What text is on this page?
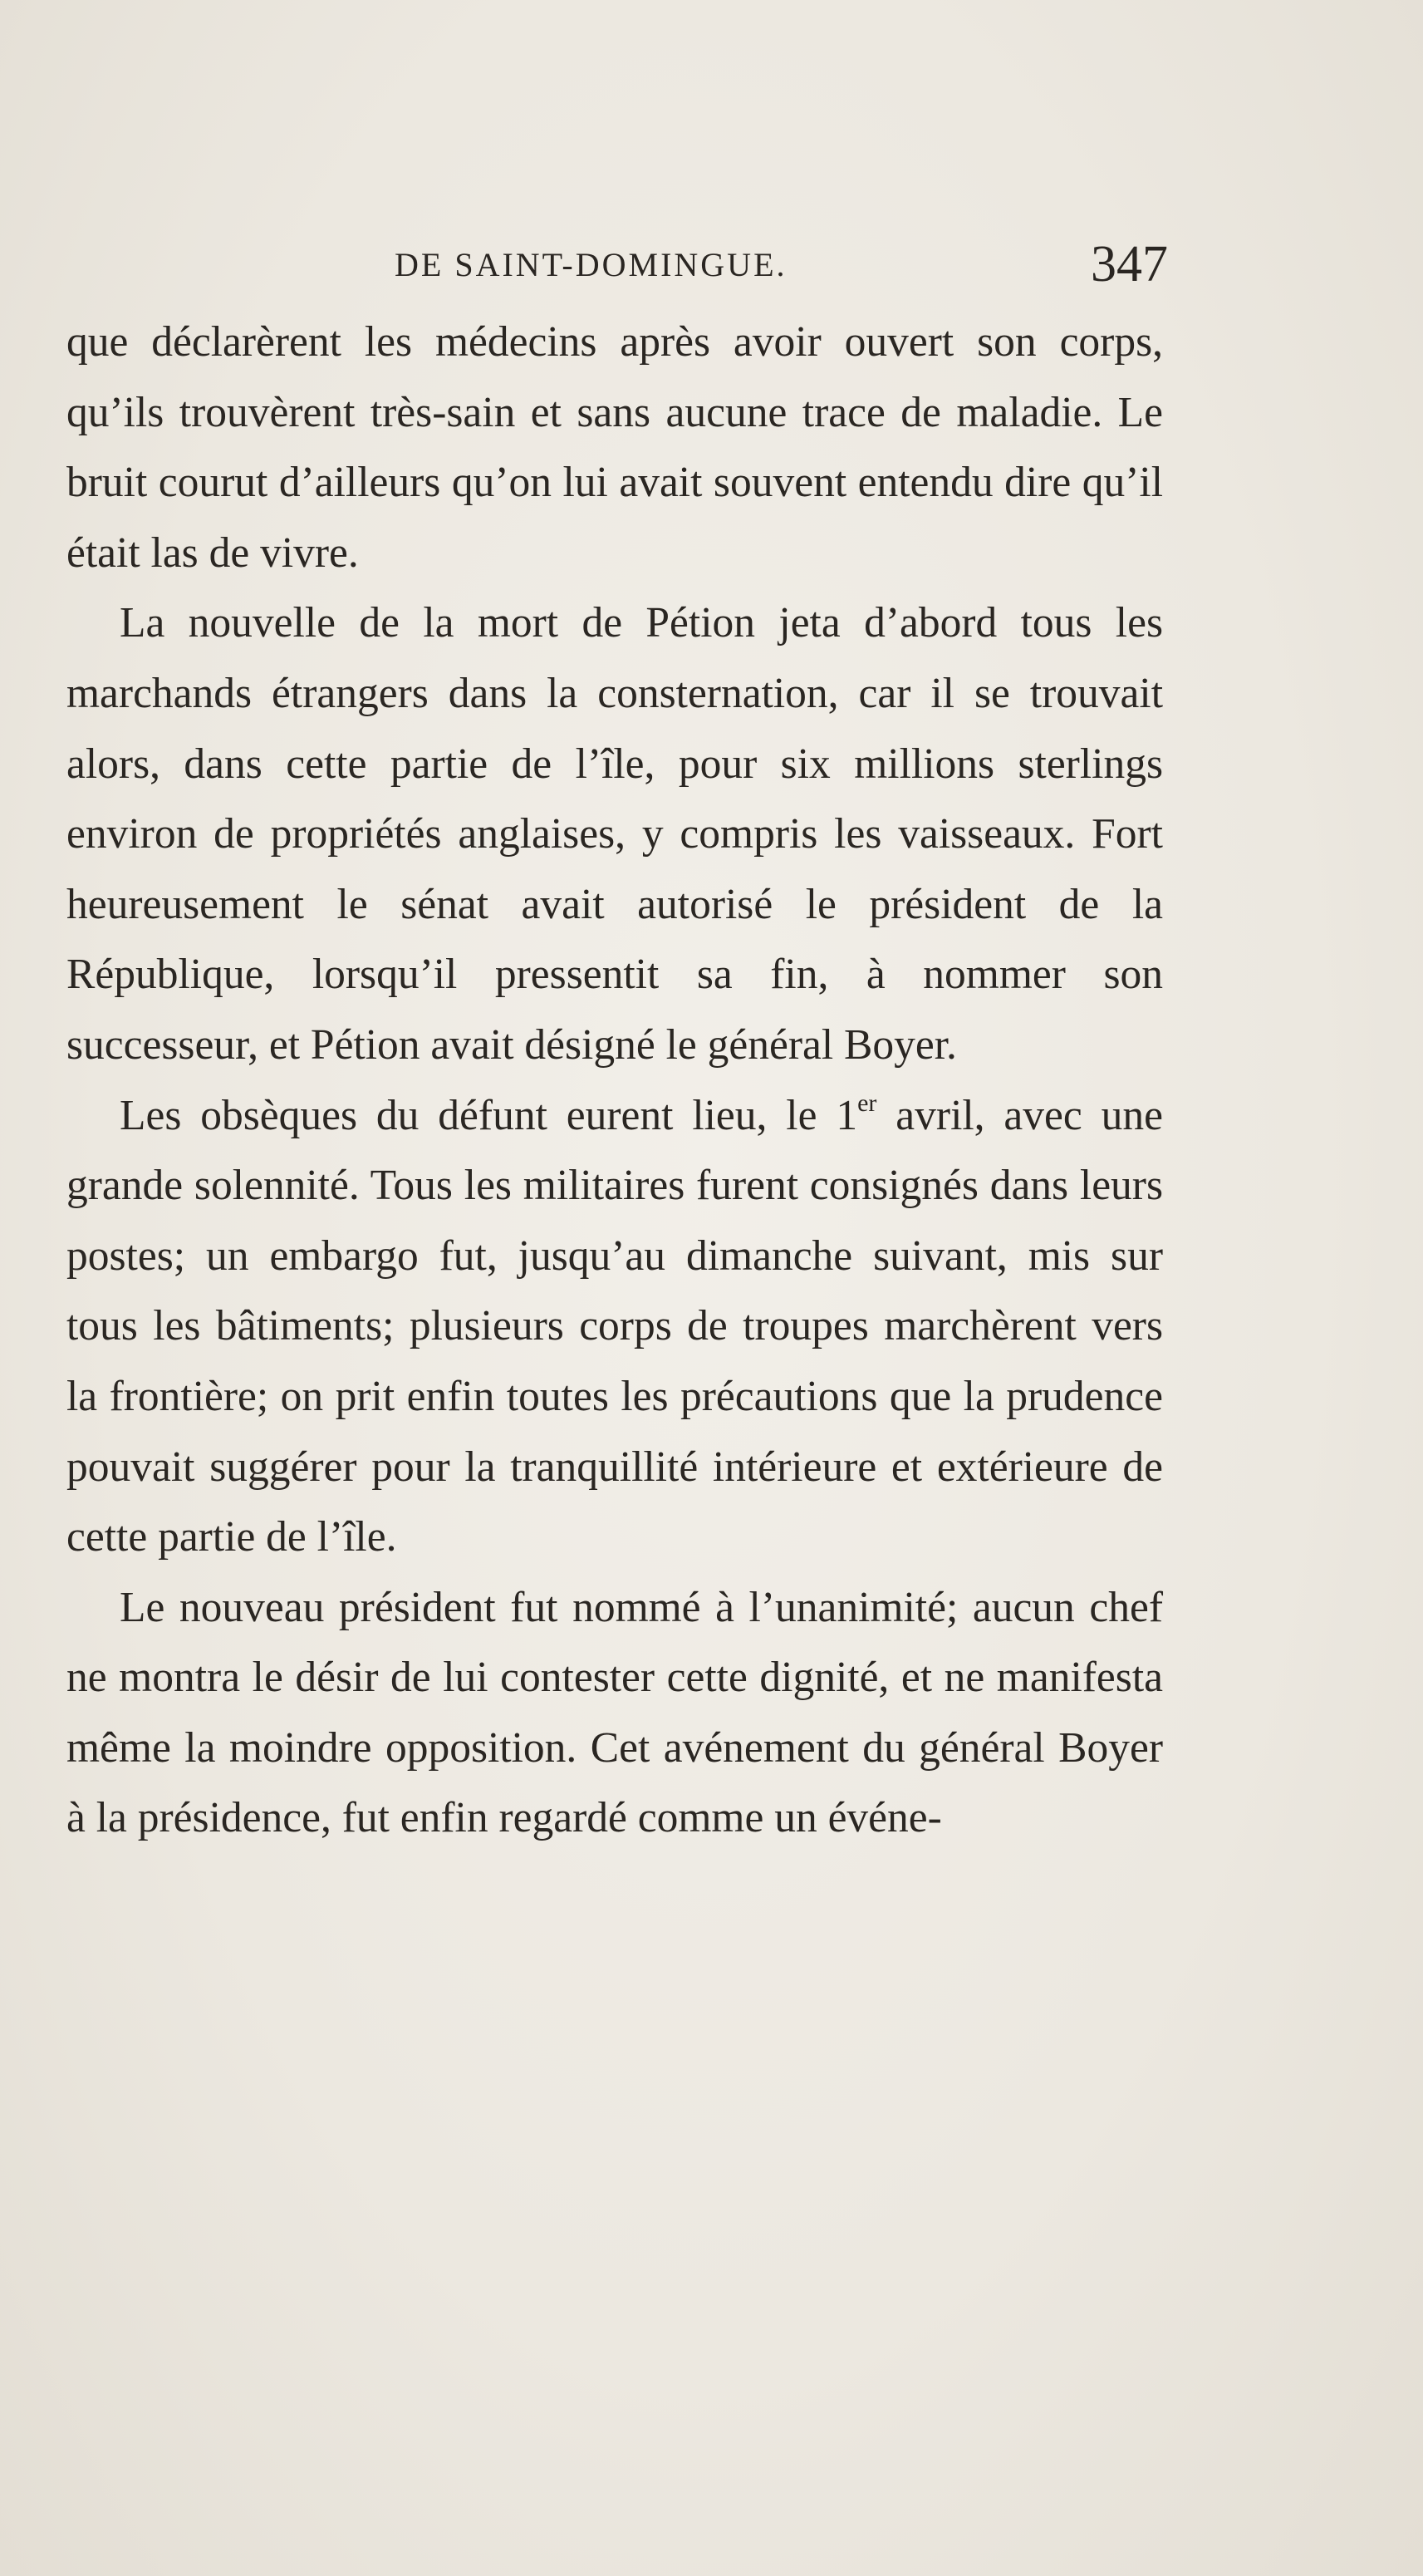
DE SAINT-DOMINGUE.	347

que déclarèrent les médecins après avoir ouvert son corps, qu’ils trouvèrent très-sain et sans aucune trace de maladie. Le bruit courut d’ailleurs qu’on lui avait souvent entendu dire qu’il était las de vivre.

La nouvelle de la mort de Pétion jeta d’abord tous les marchands étrangers dans la consternation, car il se trouvait alors, dans cette partie de l’île, pour six millions sterlings environ de propriétés anglaises, y compris les vaisseaux. Fort heureusement le sénat avait autorisé le président de la République, lorsqu’il pressentit sa fin, à nommer son successeur, et Pétion avait désigné le général Boyer.

Les obsèques du défunt eurent lieu, le 1er avril, avec une grande solennité. Tous les militaires furent consignés dans leurs postes; un embargo fut, jusqu’au dimanche suivant, mis sur tous les bâtiments; plusieurs corps de troupes marchèrent vers la frontière; on prit enfin toutes les précautions que la prudence pouvait suggérer pour la tranquillité intérieure et extérieure de cette partie de l’île.

Le nouveau président fut nommé à l’unanimité; aucun chef ne montra le désir de lui contester cette dignité, et ne manifesta même la moindre opposition. Cet avénement du général Boyer à la présidence, fut enfin regardé comme un événe-
